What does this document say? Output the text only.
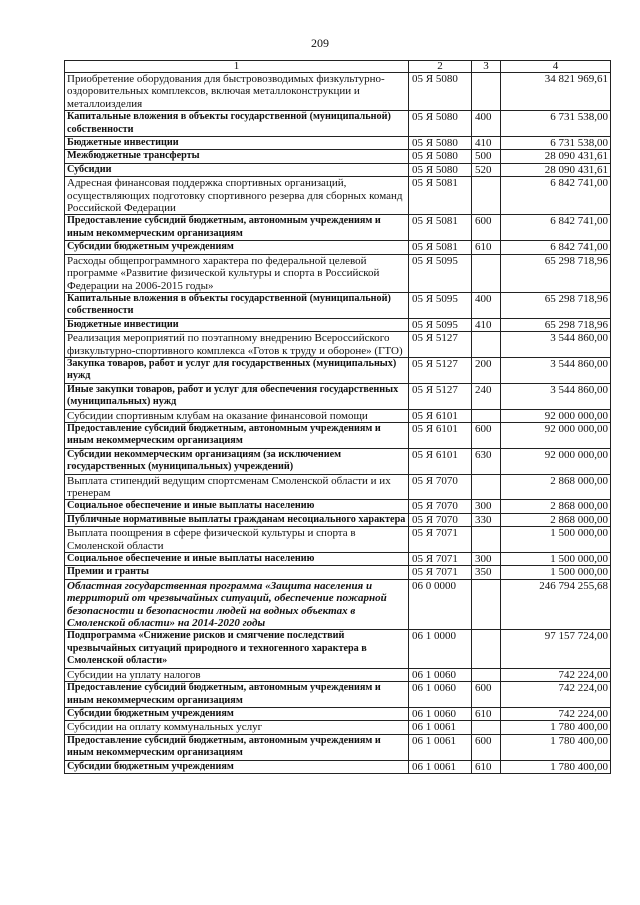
209
1	2	3	4
Приобретение оборудования для быстровозводимых физкультурно-оздоровительных комплексов, включая металлоконструкции и металлоизделия	05 Я 5080		34 821 969,61
Капитальные вложения в объекты государственной (муниципальной) собственности	05 Я 5080	400	6 731 538,00
Бюджетные инвестиции	05 Я 5080	410	6 731 538,00
Межбюджетные трансферты	05 Я 5080	500	28 090 431,61
Субсидии	05 Я 5080	520	28 090 431,61
Адресная финансовая поддержка спортивных организаций, осуществляющих подготовку спортивного резерва для сборных команд Российской Федерации	05 Я 5081		6 842 741,00
Предоставление субсидий бюджетным, автономным учреждениям и иным некоммерческим организациям	05 Я 5081	600	6 842 741,00
Субсидии бюджетным учреждениям	05 Я 5081	610	6 842 741,00
Расходы общепрограммного характера по федеральной целевой программе «Развитие физической культуры и спорта в Российской Федерации на 2006-2015 годы»	05 Я 5095		65 298 718,96
Капитальные вложения в объекты государственной (муниципальной) собственности	05 Я 5095	400	65 298 718,96
Бюджетные инвестиции	05 Я 5095	410	65 298 718,96
Реализация мероприятий по поэтапному внедрению Всероссийского физкультурно-спортивного комплекса «Готов к труду и обороне» (ГТО)	05 Я 5127		3 544 860,00
Закупка товаров, работ и услуг для государственных (муниципальных) нужд	05 Я 5127	200	3 544 860,00
Иные закупки товаров, работ и услуг для обеспечения государственных (муниципальных) нужд	05 Я 5127	240	3 544 860,00
Субсидии спортивным клубам на оказание финансовой помощи	05 Я 6101		92 000 000,00
Предоставление субсидий бюджетным, автономным учреждениям и иным некоммерческим организациям	05 Я 6101	600	92 000 000,00
Субсидии некоммерческим организациям (за исключением государственных (муниципальных) учреждений)	05 Я 6101	630	92 000 000,00
Выплата стипендий ведущим спортсменам Смоленской области и их тренерам	05 Я 7070		2 868 000,00
Социальное обеспечение и иные выплаты населению	05 Я 7070	300	2 868 000,00
Публичные нормативные выплаты гражданам несоциального характера	05 Я 7070	330	2 868 000,00
Выплата поощрения в сфере физической культуры и спорта в Смоленской области	05 Я 7071		1 500 000,00
Социальное обеспечение и иные выплаты населению	05 Я 7071	300	1 500 000,00
Премии и гранты	05 Я 7071	350	1 500 000,00
Областная государственная программа «Защита населения и территорий от чрезвычайных ситуаций, обеспечение пожарной безопасности и безопасности людей на водных объектах в Смоленской области» на 2014-2020 годы	06 0 0000		246 794 255,68
Подпрограмма «Снижение рисков и смягчение последствий чрезвычайных ситуаций природного и техногенного характера в Смоленской области»	06 1 0000		97 157 724,00
Субсидии на уплату налогов	06 1 0060		742 224,00
Предоставление субсидий бюджетным, автономным учреждениям и иным некоммерческим организациям	06 1 0060	600	742 224,00
Субсидии бюджетным учреждениям	06 1 0060	610	742 224,00
Субсидии на оплату коммунальных услуг	06 1 0061		1 780 400,00
Предоставление субсидий бюджетным, автономным учреждениям и иным некоммерческим организациям	06 1 0061	600	1 780 400,00
Субсидии бюджетным учреждениям	06 1 0061	610	1 780 400,00
